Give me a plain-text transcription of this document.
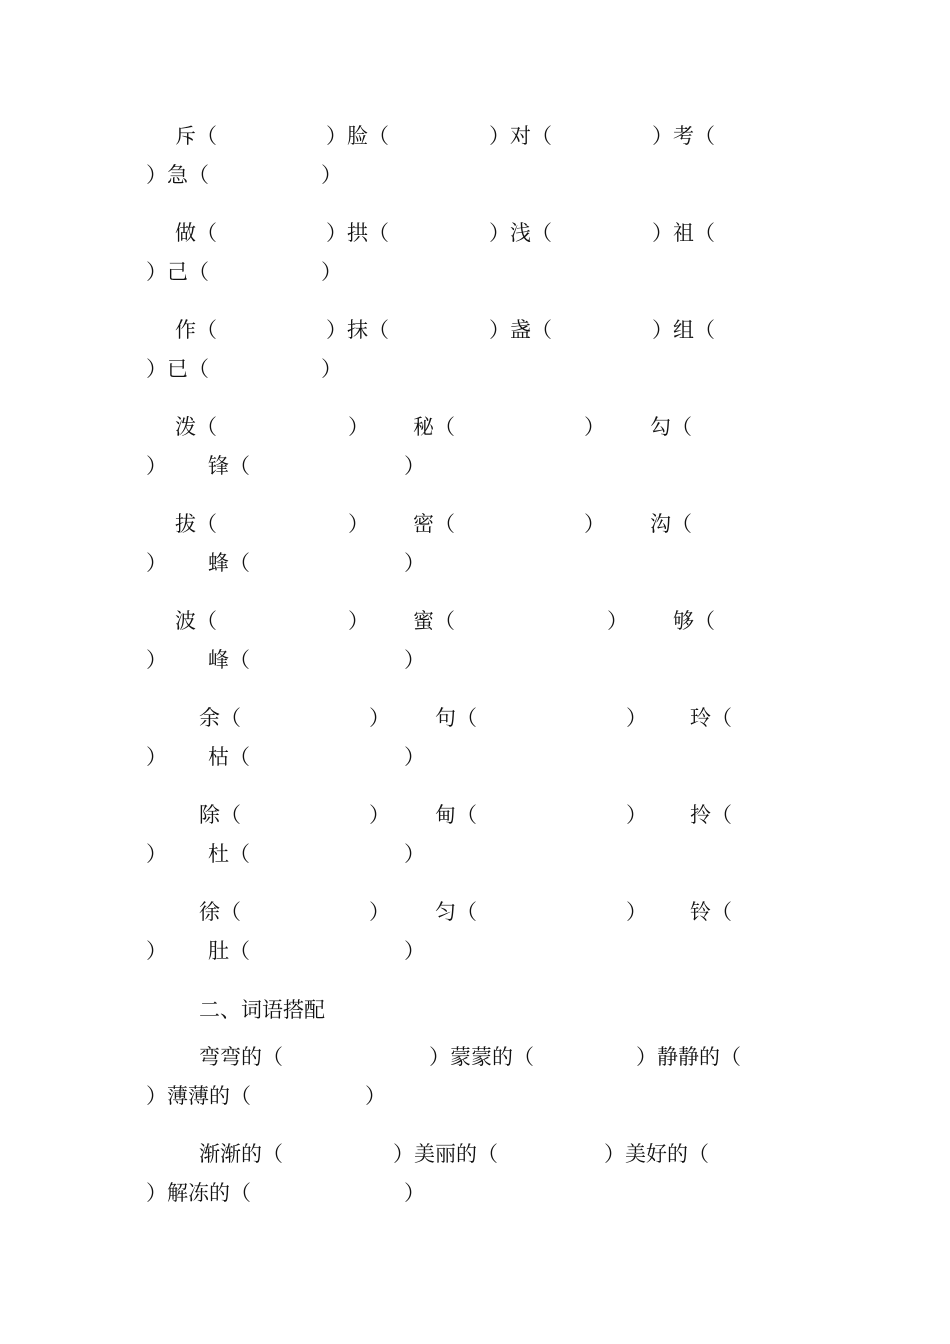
斥（	）脸（	）对（	）考（
）急（	）
做（	）拱（	）浅（	）祖（
）己（	）
作（	）抹（	）盏（	）组（
）已（	）
泼（	） 秘（	） 勾（
） 锋（	）
拔（	） 密（	） 沟（
） 蜂（	）
波（	） 蜜（	） 够（
） 峰（	）
余（	） 句（	） 玲（
） 枯（	）
除（	） 甸（	） 拎（
） 杜（	）
徐（	） 匀（	） 铃（
） 肚（	）

二、词语搭配

弯弯的（	）蒙蒙的（	）静静的（
）薄薄的（	）
渐渐的（	）美丽的（	）美好的（
）解冻的（	）
